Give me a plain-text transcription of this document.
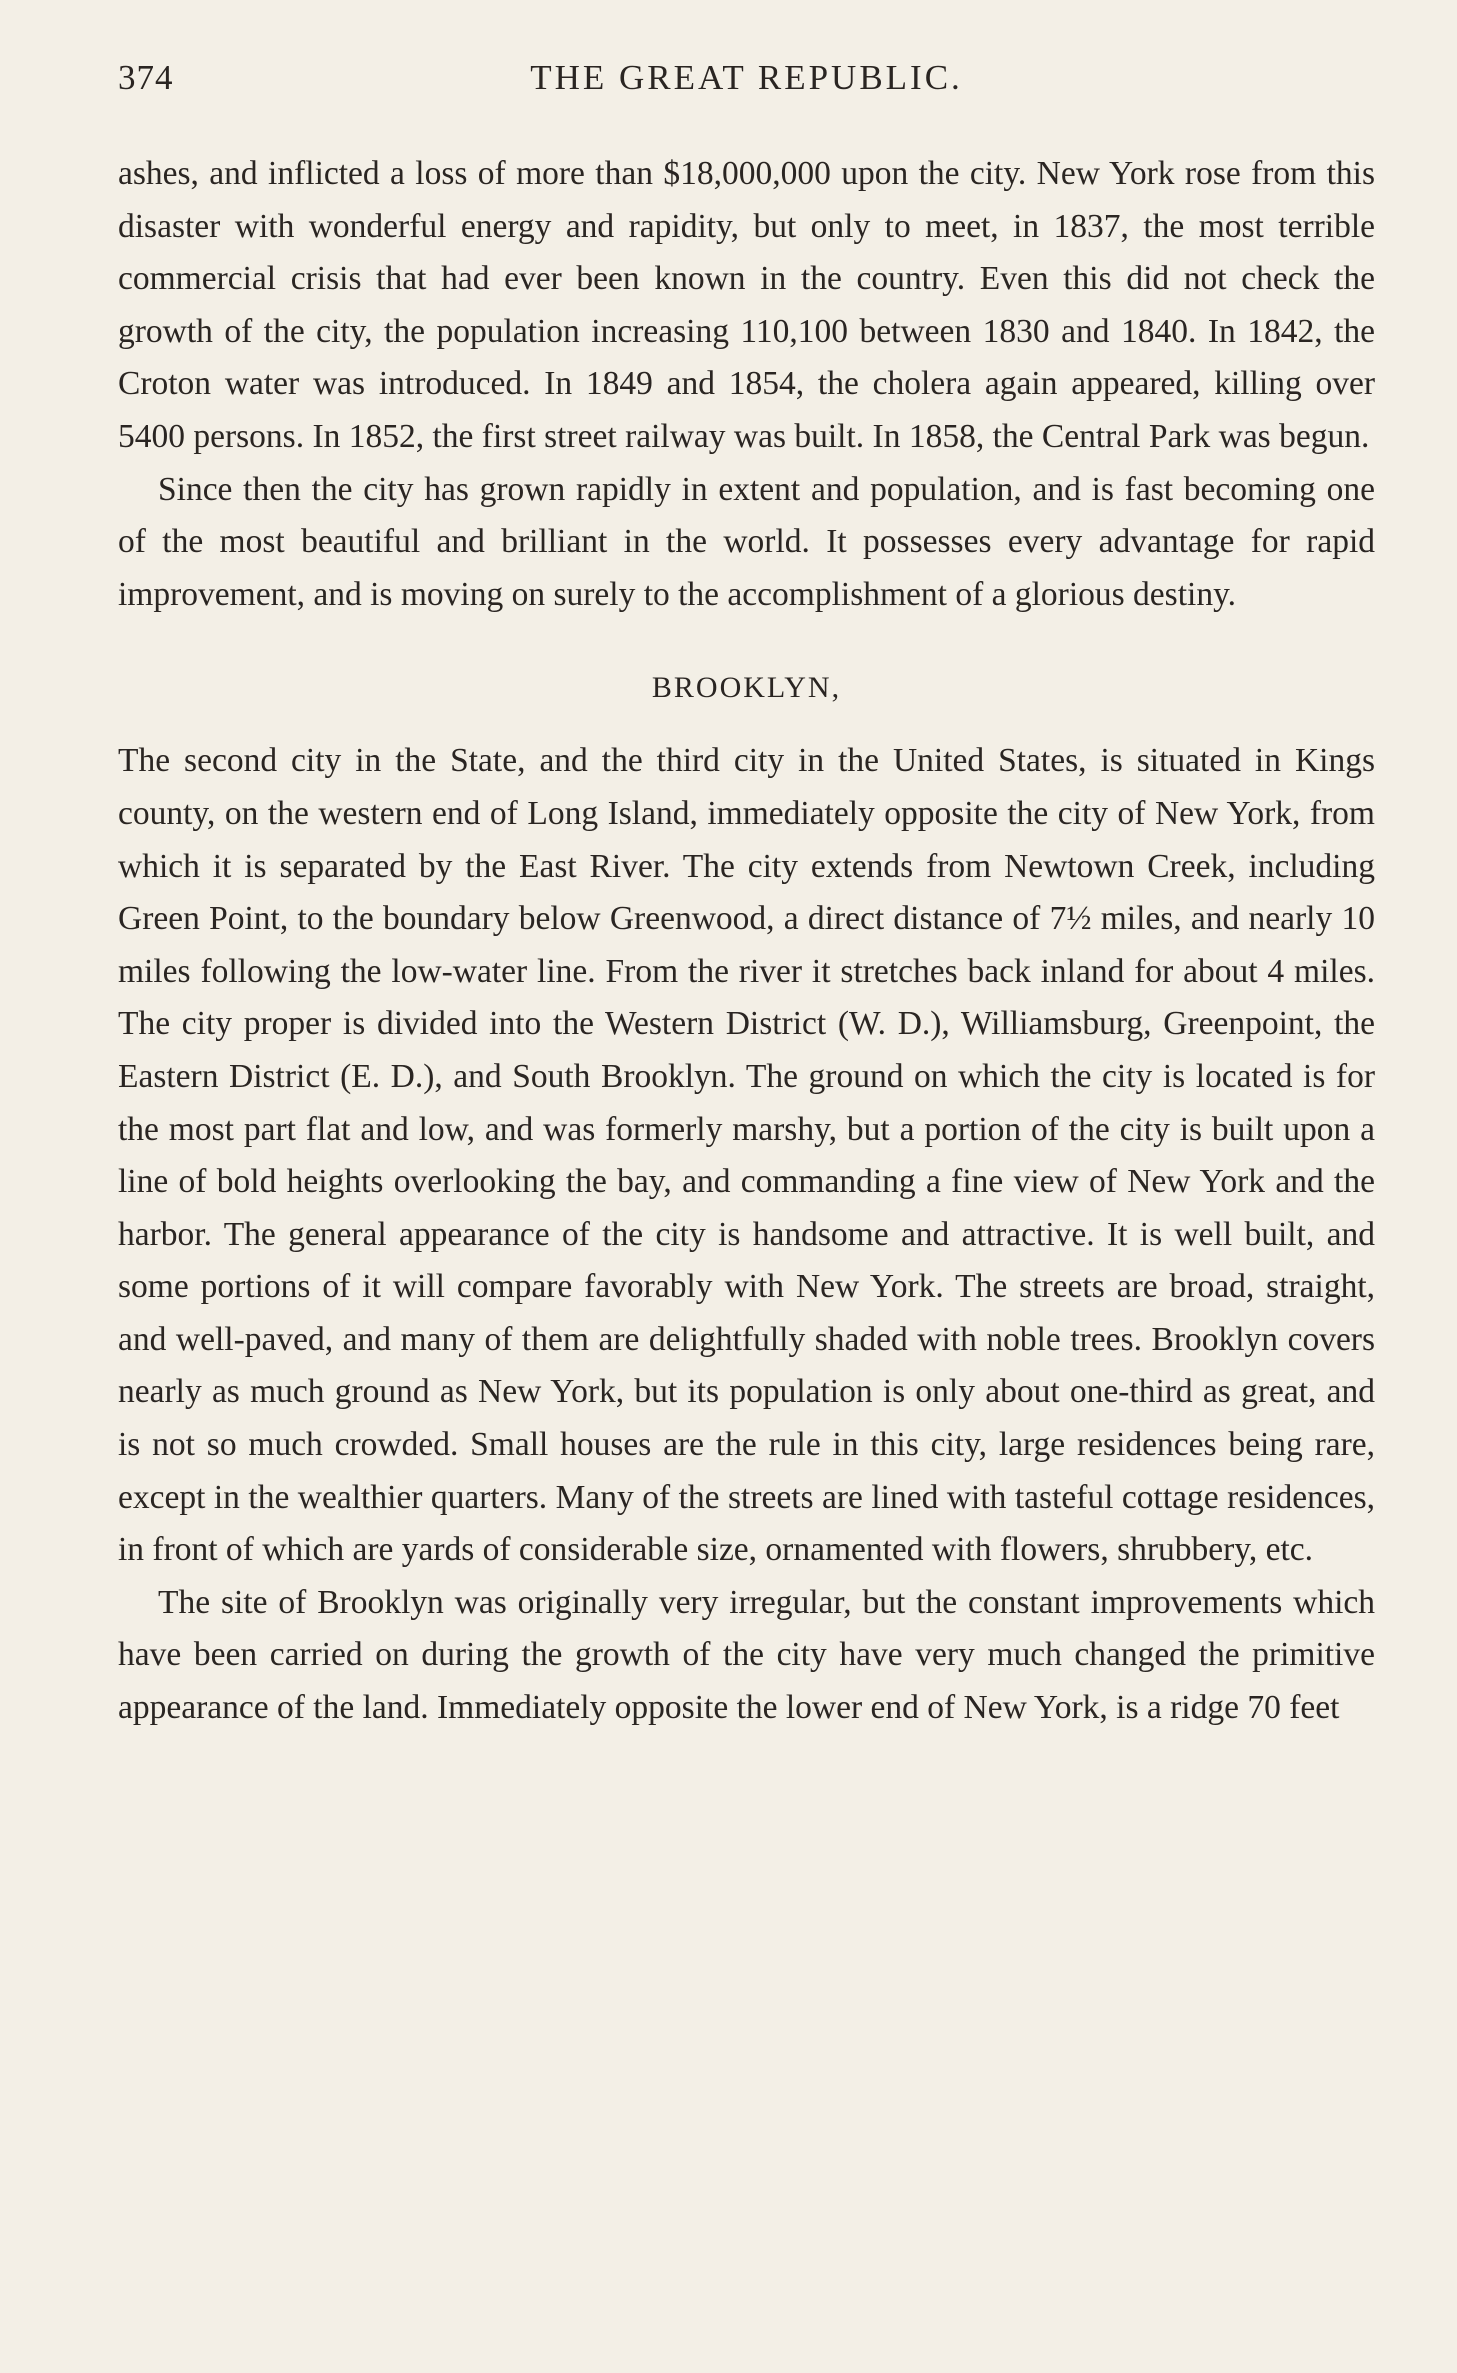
374	THE GREAT REPUBLIC.

ashes, and inflicted a loss of more than $18,000,000 upon the city. New York rose from this disaster with wonderful energy and rapidity, but only to meet, in 1837, the most terrible commercial crisis that had ever been known in the country. Even this did not check the growth of the city, the population increasing 110,100 between 1830 and 1840. In 1842, the Croton water was introduced. In 1849 and 1854, the cholera again appeared, killing over 5400 persons. In 1852, the first street railway was built. In 1858, the Central Park was begun.

Since then the city has grown rapidly in extent and population, and is fast becoming one of the most beautiful and brilliant in the world. It possesses every advantage for rapid improvement, and is moving on surely to the accomplishment of a glorious destiny.

BROOKLYN,

The second city in the State, and the third city in the United States, is situated in Kings county, on the western end of Long Island, immediately opposite the city of New York, from which it is separated by the East River. The city extends from Newtown Creek, including Green Point, to the boundary below Greenwood, a direct distance of 7½ miles, and nearly 10 miles following the low-water line. From the river it stretches back inland for about 4 miles. The city proper is divided into the Western District (W. D.), Williamsburg, Greenpoint, the Eastern District (E. D.), and South Brooklyn. The ground on which the city is located is for the most part flat and low, and was formerly marshy, but a portion of the city is built upon a line of bold heights overlooking the bay, and commanding a fine view of New York and the harbor. The general appearance of the city is handsome and attractive. It is well built, and some portions of it will compare favorably with New York. The streets are broad, straight, and well-paved, and many of them are delightfully shaded with noble trees. Brooklyn covers nearly as much ground as New York, but its population is only about one-third as great, and is not so much crowded. Small houses are the rule in this city, large residences being rare, except in the wealthier quarters. Many of the streets are lined with tasteful cottage residences, in front of which are yards of considerable size, ornamented with flowers, shrubbery, etc.

The site of Brooklyn was originally very irregular, but the constant improvements which have been carried on during the growth of the city have very much changed the primitive appearance of the land. Immediately opposite the lower end of New York, is a ridge 70 feet
